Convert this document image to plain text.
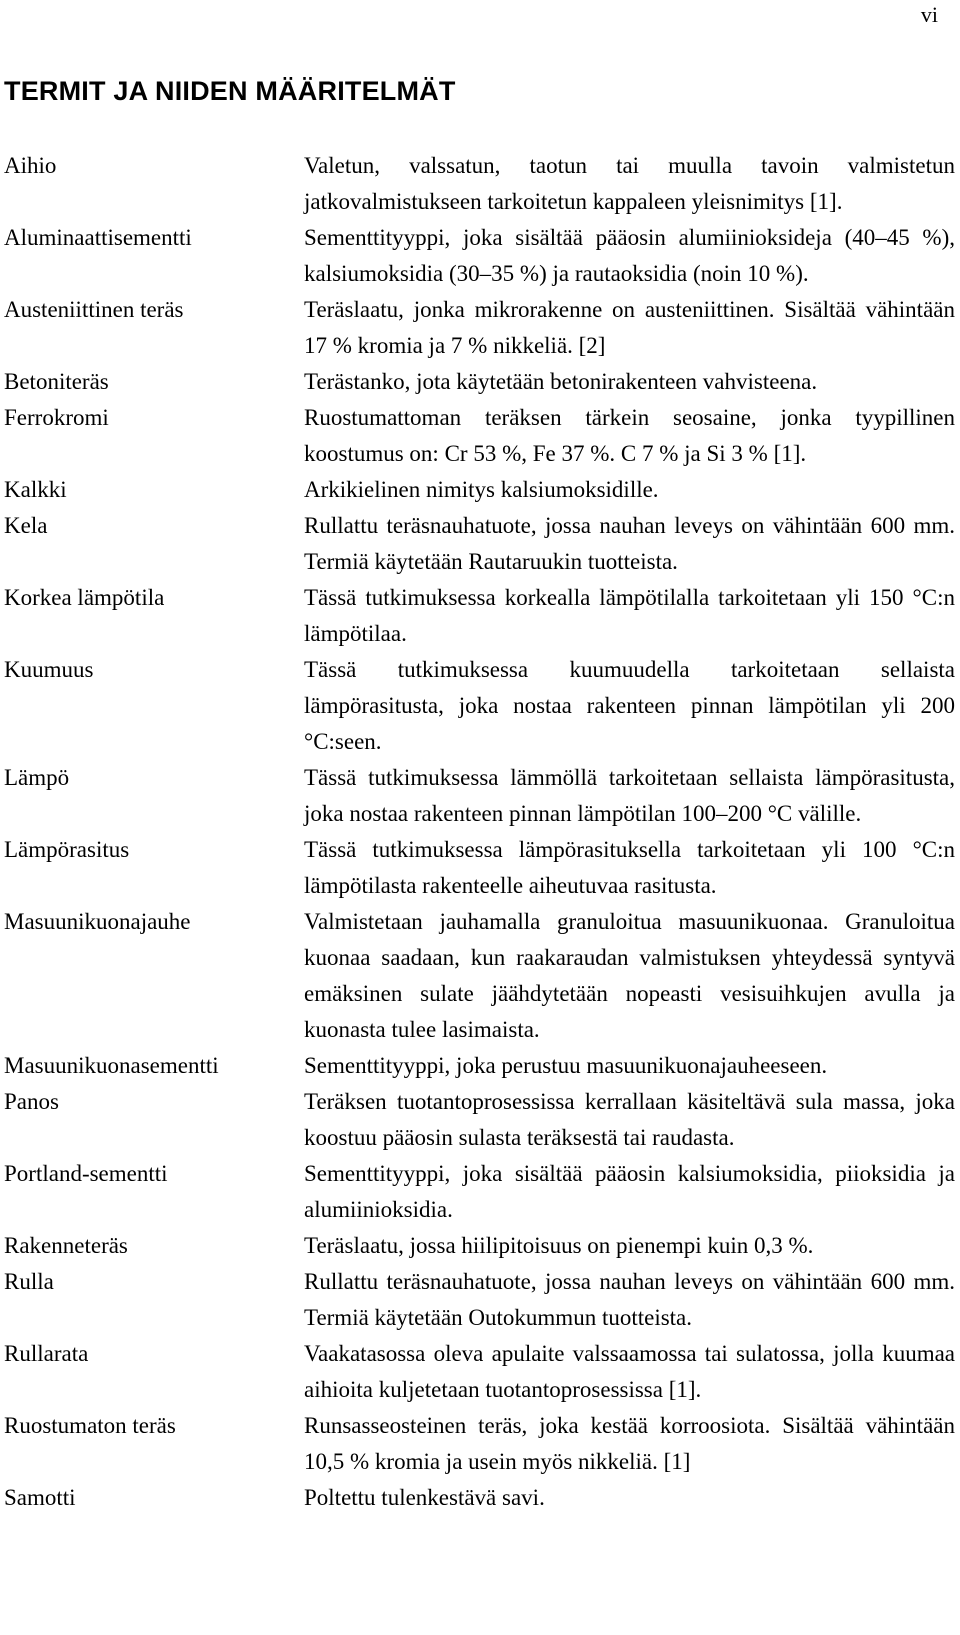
vi
TERMIT JA NIIDEN MÄÄRITELMÄT
Aihio	Valetun, valssatun, taotun tai muulla tavoin valmistetun jatkovalmistukseen tarkoitetun kappaleen yleisnimitys [1].
Aluminaattisementti	Sementtityyppi, joka sisältää pääosin alumiinioksideja (40–45 %), kalsiumoksidia (30–35 %) ja rautaoksidia (noin 10 %).
Austeniittinen teräs	Teräslaatu, jonka mikrorakenne on austeniittinen. Sisältää vähintään 17 % kromia ja 7 % nikkeliä. [2]
Betoniteräs	Terästanko, jota käytetään betonirakenteen vahvisteena.
Ferrokromi	Ruostumattoman teräksen tärkein seosaine, jonka tyypillinen koostumus on: Cr 53 %, Fe 37 %. C 7 % ja Si 3 % [1].
Kalkki	Arkikielinen nimitys kalsiumoksidille.
Kela	Rullattu teräsnauhatuote, jossa nauhan leveys on vähintään 600 mm. Termiä käytetään Rautaruukin tuotteista.
Korkea lämpötila	Tässä tutkimuksessa korkealla lämpötilalla tarkoitetaan yli 150 °C:n lämpötilaa.
Kuumuus	Tässä tutkimuksessa kuumuudella tarkoitetaan sellaista lämpörasitusta, joka nostaa rakenteen pinnan lämpötilan yli 200 °C:seen.
Lämpö	Tässä tutkimuksessa lämmöllä tarkoitetaan sellaista lämpörasitusta, joka nostaa rakenteen pinnan lämpötilan 100–200 °C välille.
Lämpörasitus	Tässä tutkimuksessa lämpörasituksella tarkoitetaan yli 100 °C:n lämpötilasta rakenteelle aiheutuvaa rasitusta.
Masuunikuonajauhe	Valmistetaan jauhamalla granuloitua masuunikuonaa. Granuloitua kuonaa saadaan, kun raakaraudan valmistuksen yhteydessä syntyvä emäksinen sulate jäähdytetään nopeasti vesisuihkujen avulla ja kuonasta tulee lasimaista.
Masuunikuonasementti	Sementtityyppi, joka perustuu masuunikuonajauheeseen.
Panos	Teräksen tuotantoprosessissa kerrallaan käsiteltävä sula massa, joka koostuu pääosin sulasta teräksestä tai raudasta.
Portland-sementti	Sementtityyppi, joka sisältää pääosin kalsiumoksidia, piioksidia ja alumiinioksidia.
Rakenneteräs	Teräslaatu, jossa hiilipitoisuus on pienempi kuin 0,3 %.
Rulla	Rullattu teräsnauhatuote, jossa nauhan leveys on vähintään 600 mm. Termiä käytetään Outokummun tuotteista.
Rullarata	Vaakatasossa oleva apulaite valssaamossa tai sulatossa, jolla kuumaa aihioita kuljetetaan tuotantoprosessissa [1].
Ruostumaton teräs	Runsasseosteinen teräs, joka kestää korroosiota. Sisältää vähintään 10,5 % kromia ja usein myös nikkeliä. [1]
Samotti	Poltettu tulenkestävä savi.
